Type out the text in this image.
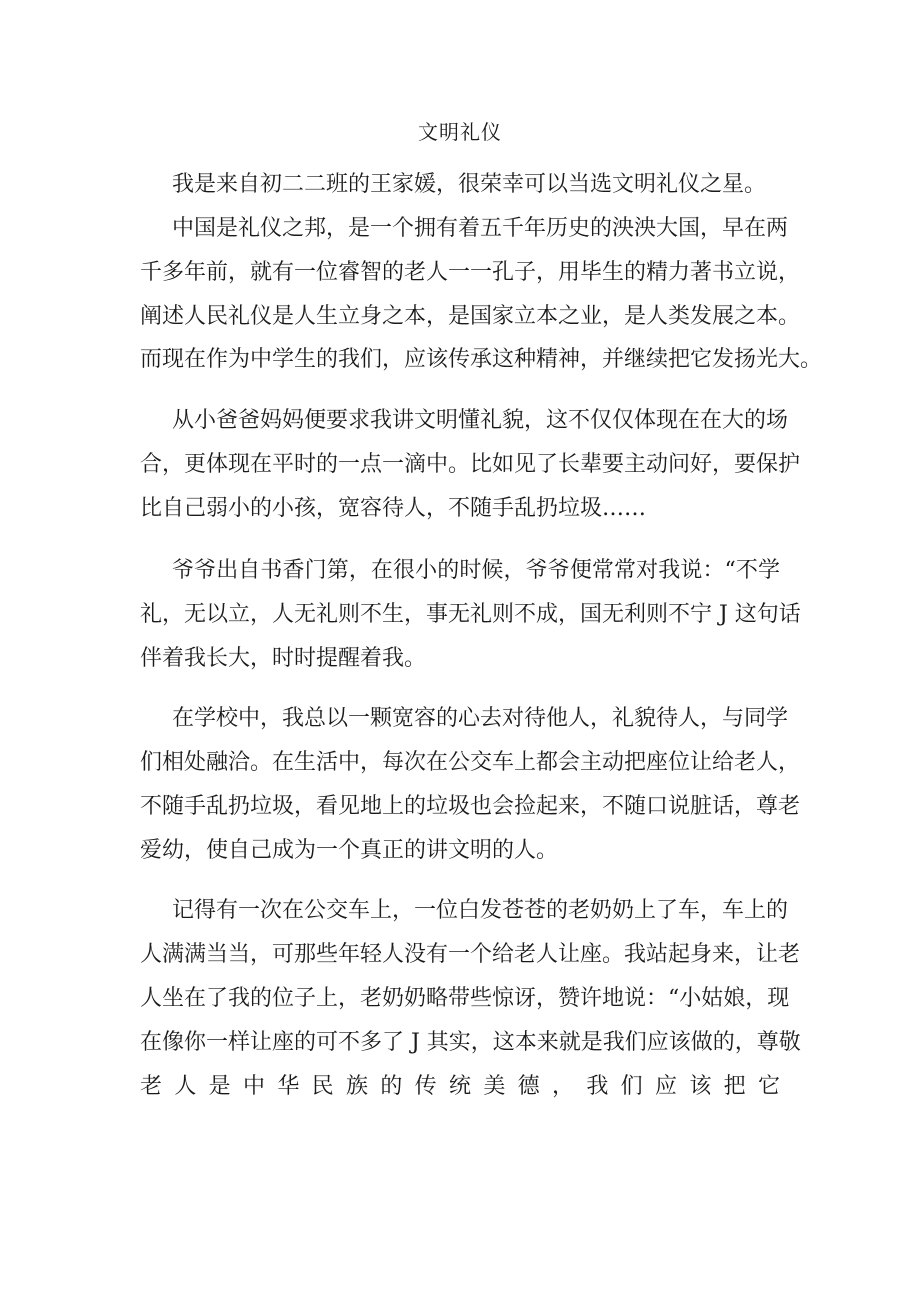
文明礼仪
我是来自初二二班的王家媛，很荣幸可以当选文明礼仪之星。
中国是礼仪之邦，是一个拥有着五千年历史的泱泱大国，早在两
千多年前，就有一位睿智的老人一一孔子，用毕生的精力著书立说，
阐述人民礼仪是人生立身之本，是国家立本之业，是人类发展之本。
而现在作为中学生的我们，应该传承这种精神，并继续把它发扬光大。
从小爸爸妈妈便要求我讲文明懂礼貌，这不仅仅体现在在大的场
合，更体现在平时的一点一滴中。比如见了长辈要主动问好，要保护
比自己弱小的小孩，宽容待人，不随手乱扔垃圾……
爷爷出自书香门第，在很小的时候，爷爷便常常对我说：“不学
礼，无以立，人无礼则不生，事无礼则不成，国无利则不宁 J 这句话
伴着我长大，时时提醒着我。
在学校中，我总以一颗宽容的心去对待他人，礼貌待人，与同学
们相处融洽。在生活中，每次在公交车上都会主动把座位让给老人，
不随手乱扔垃圾，看见地上的垃圾也会捡起来，不随口说脏话，尊老
爱幼，使自己成为一个真正的讲文明的人。
记得有一次在公交车上，一位白发苍苍的老奶奶上了车，车上的
人满满当当，可那些年轻人没有一个给老人让座。我站起身来，让老
人坐在了我的位子上，老奶奶略带些惊讶，赞许地说：“小姑娘，现
在像你一样让座的可不多了 J 其实，这本来就是我们应该做的，尊敬
老 人 是 中 华 民 族 的 传 统 美 德 ， 我 们 应 该 把 它
